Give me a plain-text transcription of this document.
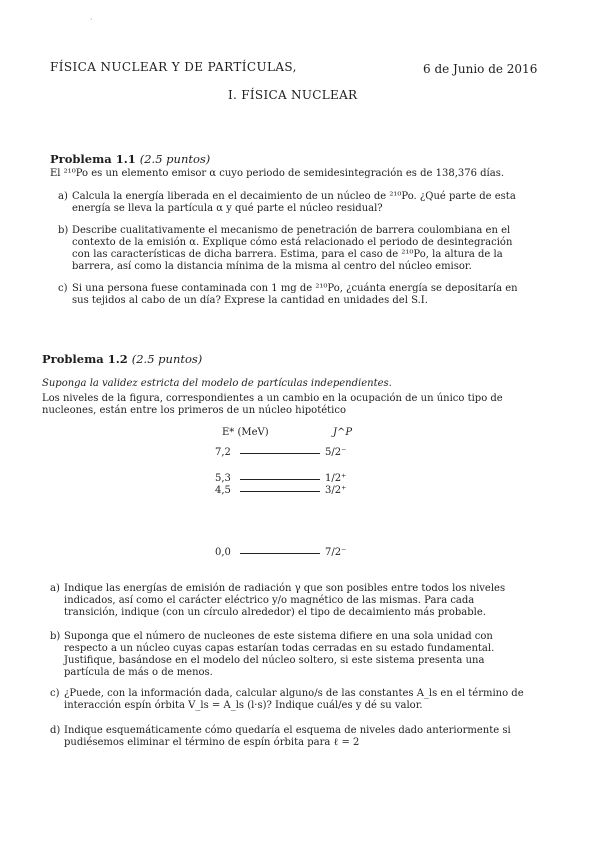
·
FÍSICA NUCLEAR Y DE PARTÍCULAS,	6 de Junio de 2016
I. FÍSICA NUCLEAR
Problema 1.1 (2.5 puntos)
El ²¹⁰Po es un elemento emisor α cuyo periodo de semidesintegración es de 138,376 días.
a) Calcula la energía liberada en el decaimiento de un núcleo de ²¹⁰Po. ¿Qué parte de esta energía se lleva la partícula α y qué parte el núcleo residual?
b) Describe cualitativamente el mecanismo de penetración de barrera coulombiana en el contexto de la emisión α. Explique cómo está relacionado el periodo de desintegración con las características de dicha barrera. Estima, para el caso de ²¹⁰Po, la altura de la barrera, así como la distancia mínima de la misma al centro del núcleo emisor.
c) Si una persona fuese contaminada con 1 mg de ²¹⁰Po, ¿cuánta energía se depositaría en sus tejidos al cabo de un día? Exprese la cantidad en unidades del S.I.
Problema 1.2 (2.5 puntos)
Suponga la validez estricta del modelo de partículas independientes.
Los niveles de la figura, correspondientes a un cambio en la ocupación de un único tipo de nucleones, están entre los primeros de un núcleo hipotético
E* (MeV)	J^P
7,2	5/2⁻
5,3	1/2⁺
4,5	3/2⁺
0,0	7/2⁻
a) Indique las energías de emisión de radiación γ que son posibles entre todos los niveles indicados, así como el carácter eléctrico y/o magnético de las mismas. Para cada transición, indique (con un círculo alrededor) el tipo de decaimiento más probable.
b) Suponga que el número de nucleones de este sistema difiere en una sola unidad con respecto a un núcleo cuyas capas estarían todas cerradas en su estado fundamental. Justifique, basándose en el modelo del núcleo soltero, si este sistema presenta una partícula de más o de menos.
c) ¿Puede, con la información dada, calcular alguno/s de las constantes A_ls en el término de interacción espín órbita V_ls = A_ls (l·s)? Indique cuál/es y dé su valor.
d) Indique esquemáticamente cómo quedaría el esquema de niveles dado anteriormente si pudiésemos eliminar el término de espín órbita para ℓ = 2
